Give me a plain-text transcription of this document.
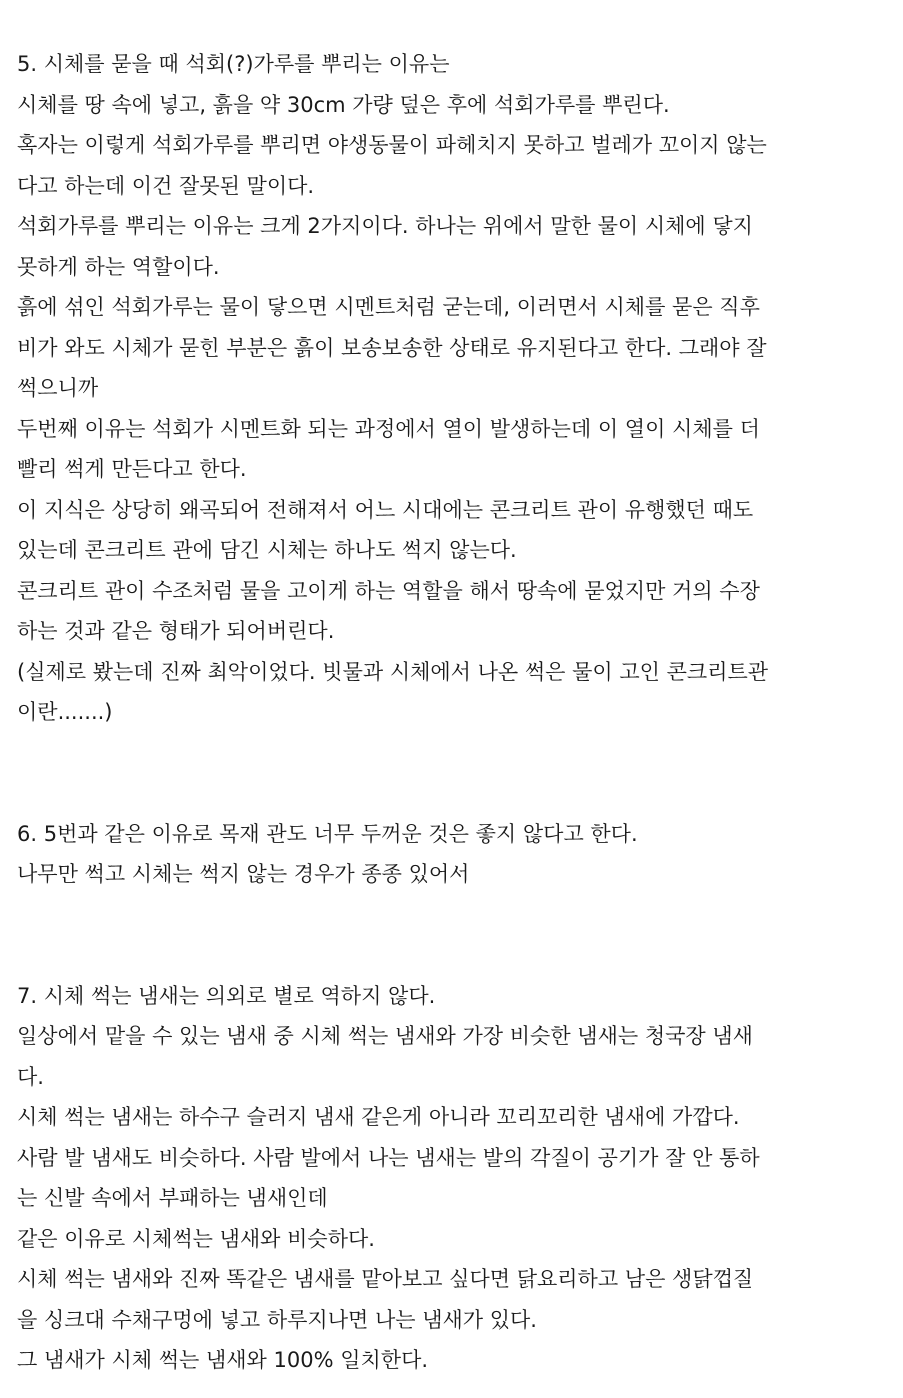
5. 시체를 묻을 때 석회(?)가루를 뿌리는 이유는
시체를 땅 속에 넣고, 흙을 약 30cm 가량 덮은 후에 석회가루를 뿌린다.
혹자는 이렇게 석회가루를 뿌리면 야생동물이 파헤치지 못하고 벌레가 꼬이지 않는
다고 하는데 이건 잘못된 말이다.
석회가루를 뿌리는 이유는 크게 2가지이다. 하나는 위에서 말한 물이 시체에 닿지
못하게 하는 역할이다.
흙에 섞인 석회가루는 물이 닿으면 시멘트처럼 굳는데, 이러면서 시체를 묻은 직후
비가 와도 시체가 묻힌 부분은 흙이 보송보송한 상태로 유지된다고 한다. 그래야 잘
썩으니까
두번째 이유는 석회가 시멘트화 되는 과정에서 열이 발생하는데 이 열이 시체를 더
빨리 썩게 만든다고 한다.
이 지식은 상당히 왜곡되어 전해져서 어느 시대에는 콘크리트 관이 유행했던 때도
있는데 콘크리트 관에 담긴 시체는 하나도 썩지 않는다.
콘크리트 관이 수조처럼 물을 고이게 하는 역할을 해서 땅속에 묻었지만 거의 수장
하는 것과 같은 형태가 되어버린다.
(실제로 봤는데 진짜 최악이었다. 빗물과 시체에서 나온 썩은 물이 고인 콘크리트관
이란.......)
6. 5번과 같은 이유로 목재 관도 너무 두꺼운 것은 좋지 않다고 한다.
나무만 썩고 시체는 썩지 않는 경우가 종종 있어서
7. 시체 썩는 냄새는 의외로 별로 역하지 않다.
일상에서 맡을 수 있는 냄새 중 시체 썩는 냄새와 가장 비슷한 냄새는 청국장 냄새
다.
시체 썩는 냄새는 하수구 슬러지 냄새 같은게 아니라 꼬리꼬리한 냄새에 가깝다.
사람 발 냄새도 비슷하다. 사람 발에서 나는 냄새는 발의 각질이 공기가 잘 안 통하
는 신발 속에서 부패하는 냄새인데
같은 이유로 시체썩는 냄새와 비슷하다.
시체 썩는 냄새와 진짜 똑같은 냄새를 맡아보고 싶다면 닭요리하고 남은 생닭껍질
을 싱크대 수채구멍에 넣고 하루지나면 나는 냄새가 있다.
그 냄새가 시체 썩는 냄새와 100% 일치한다.
